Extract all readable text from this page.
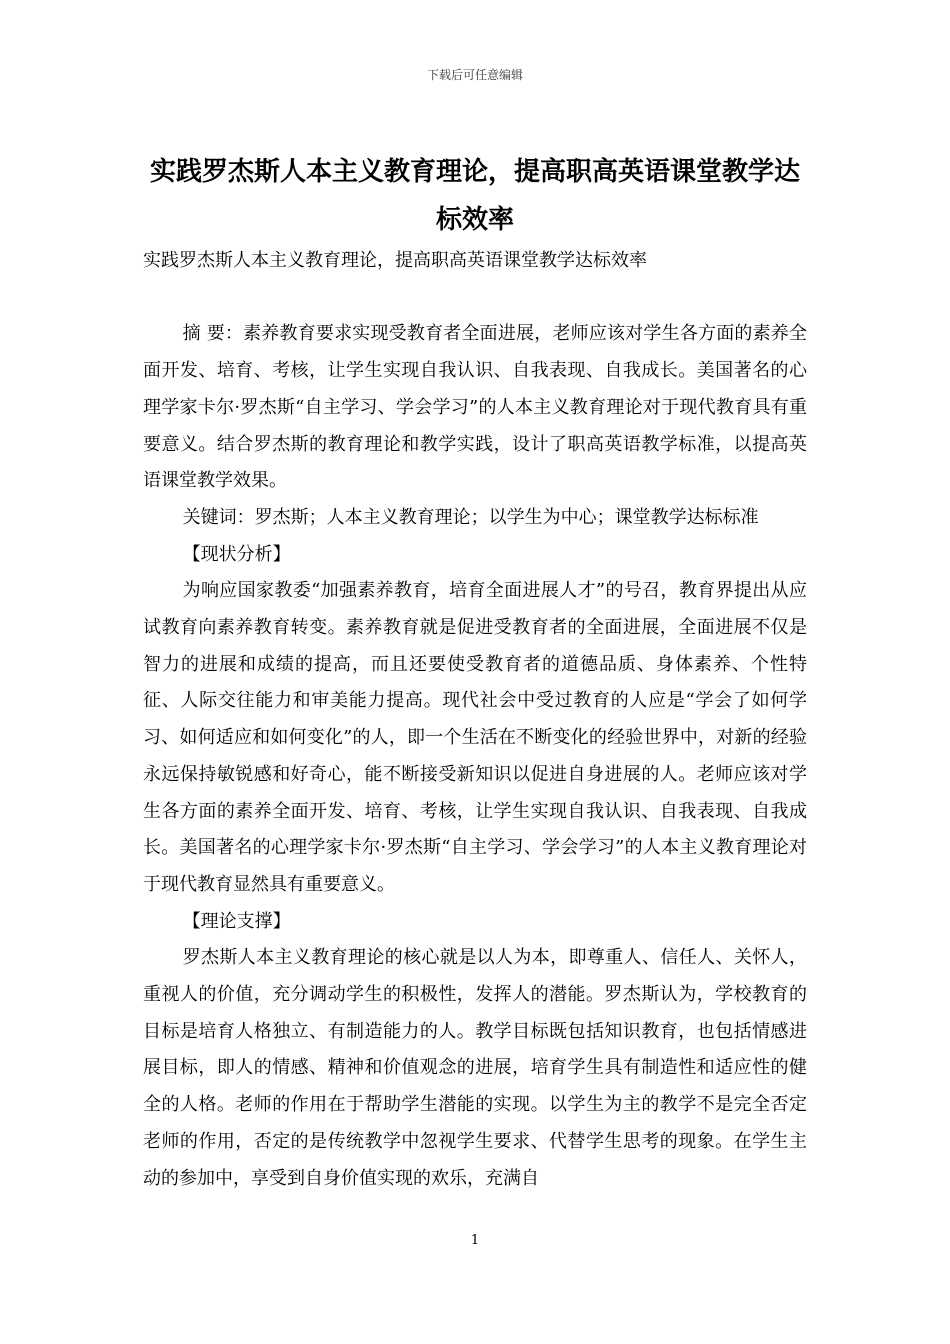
下载后可任意编辑
实践罗杰斯人本主义教育理论，提高职高英语课堂教学达标效率

实践罗杰斯人本主义教育理论，提高职高英语课堂教学达标效率

摘 要：素养教育要求实现受教育者全面进展，老师应该对学生各方面的素养全面开发、培育、考核，让学生实现自我认识、自我表现、自我成长。美国著名的心理学家卡尔·罗杰斯“自主学习、学会学习”的人本主义教育理论对于现代教育具有重要意义。结合罗杰斯的教育理论和教学实践，设计了职高英语教学标准，以提高英语课堂教学效果。

关键词：罗杰斯；人本主义教育理论；以学生为中心；课堂教学达标标准

【现状分析】

为响应国家教委“加强素养教育，培育全面进展人才”的号召，教育界提出从应试教育向素养教育转变。素养教育就是促进受教育者的全面进展，全面进展不仅是智力的进展和成绩的提高，而且还要使受教育者的道德品质、身体素养、个性特征、人际交往能力和审美能力提高。现代社会中受过教育的人应是“学会了如何学习、如何适应和如何变化”的人，即一个生活在不断变化的经验世界中，对新的经验永远保持敏锐感和好奇心，能不断接受新知识以促进自身进展的人。老师应该对学生各方面的素养全面开发、培育、考核，让学生实现自我认识、自我表现、自我成长。美国著名的心理学家卡尔·罗杰斯“自主学习、学会学习”的人本主义教育理论对于现代教育显然具有重要意义。

【理论支撑】

罗杰斯人本主义教育理论的核心就是以人为本，即尊重人、信任人、关怀人，重视人的价值，充分调动学生的积极性，发挥人的潜能。罗杰斯认为，学校教育的目标是培育人格独立、有制造能力的人。教学目标既包括知识教育，也包括情感进展目标，即人的情感、精神和价值观念的进展，培育学生具有制造性和适应性的健全的人格。老师的作用在于帮助学生潜能的实现。以学生为主的教学不是完全否定老师的作用，否定的是传统教学中忽视学生要求、代替学生思考的现象。在学生主动的参加中，享受到自身价值实现的欢乐，充满自

1
